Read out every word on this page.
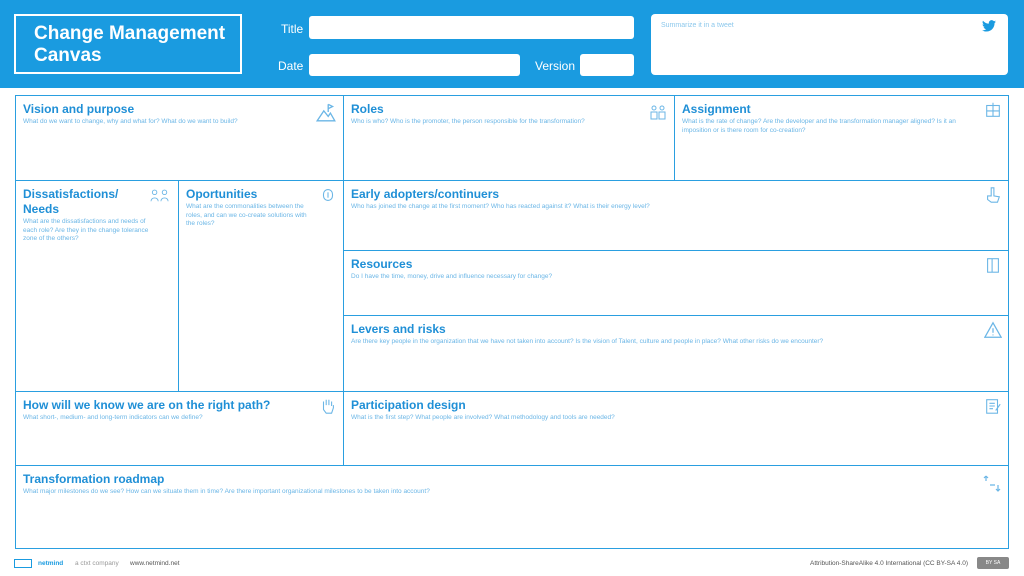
Change Management Canvas
Title
Date	Version
Summarize it in a tweet
Vision and purpose
What do we want to change, why and what for? What do we want to build?
Roles
Who is who? Who is the promoter, the person responsible for the transformation?
Assignment
What is the rate of change? Are the developer and the transformation manager aligned? Is it an imposition or is there room for co-creation?
Dissatisfactions/ Needs
What are the dissatisfactions and needs of each role? Are they in the change tolerance zone of the others?
Oportunities
What are the commonalities between the roles, and can we co-create solutions with the roles?
Early adopters/continuers
Who has joined the change at the first moment? Who has reacted against it? What is their energy level?
Resources
Do I have the time, money, drive and influence necessary for change?
Levers and risks
Are there key people in the organization that we have not taken into account? Is the vision of Talent, culture and people in place? What other risks do we encounter?
How will we know we are on the right path?
What short-, medium- and long-term indicators can we define?
Participation design
What is the first step? What people are involved? What methodology and tools are needed?
Transformation roadmap
What major milestones do we see? How can we situate them in time? Are there important organizational milestones to be taken into account?
netmind a ctxt company www.netmind.net	Attribution-ShareAlike 4.0 International (CC BY-SA 4.0)	BY SA
